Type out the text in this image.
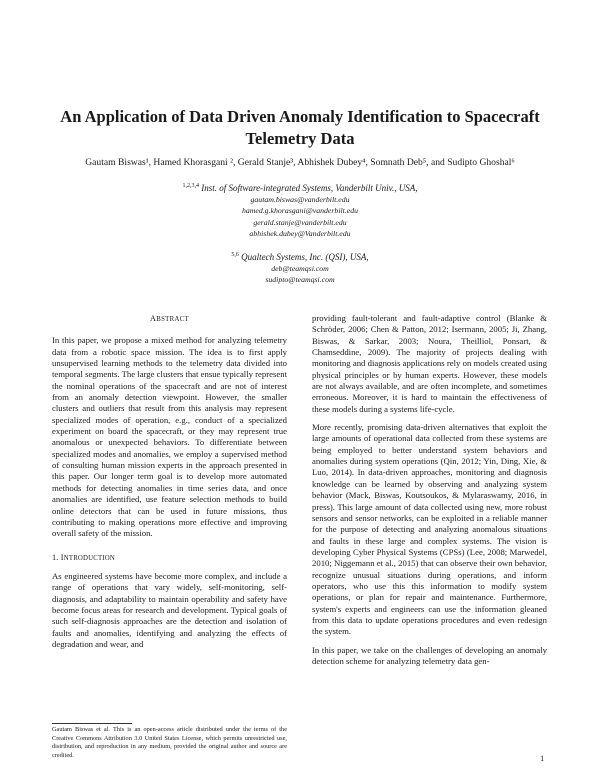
An Application of Data Driven Anomaly Identification to Spacecraft Telemetry Data
Gautam Biswas¹, Hamed Khorasgani ², Gerald Stanje³, Abhishek Dubey⁴, Somnath Deb⁵, and Sudipto Ghoshal⁶
$^{1,2,3,4}$ Inst. of Software-integrated Systems, Vanderbilt Univ., USA,
gautam.biswas@vanderbilt.edu
hamed.g.khorasgani@vanderbilt.edu
gerald.stanje@vanderbilt.edu
abhishek.dubey@Vanderbilt.edu
$^{5,6}$ Qualtech Systems, Inc. (QSI), USA,
deb@teamqsi.com
sudipto@teamqsi.com
ABSTRACT

In this paper, we propose a mixed method for analyzing telemetry data from a robotic space mission. The idea is to first apply unsupervised learning methods to the telemetry data divided into temporal segments. The large clusters that ensue typically represent the nominal operations of the spacecraft and are not of interest from an anomaly detection viewpoint. However, the smaller clusters and outliers that result from this analysis may represent specialized modes of operation, e.g., conduct of a specialized experiment on board the spacecraft, or they may represent true anomalous or unexpected behaviors. To differentiate between specialized modes and anomalies, we employ a supervised method of consulting human mission experts in the approach presented in this paper. Our longer term goal is to develop more automated methods for detecting anomalies in time series data, and once anomalies are identified, use feature selection methods to build online detectors that can be used in future missions, thus contributing to making operations more effective and improving overall safety of the mission.

1. INTRODUCTION

As engineered systems have become more complex, and include a range of operations that vary widely, self-monitoring, self-diagnosis, and adaptability to maintain operability and safety have become focus areas for research and development. Typical goals of such self-diagnosis approaches are the detection and isolation of faults and anomalies, identifying and analyzing the effects of degradation and wear, and

providing fault-tolerant and fault-adaptive control (Blanke & Schröder, 2006; Chen & Patton, 2012; Isermann, 2005; Ji, Zhang, Biswas, & Sarkar, 2003; Noura, Theilliol, Ponsart, & Chamseddine, 2009). The majority of projects dealing with monitoring and diagnosis applications rely on models created using physical principles or by human experts. However, these models are not always available, and are often incomplete, and sometimes erroneous. Moreover, it is hard to maintain the effectiveness of these models during a systems life-cycle.

More recently, promising data-driven alternatives that exploit the large amounts of operational data collected from these systems are being employed to better understand system behaviors and anomalies during system operations (Qin, 2012; Yin, Ding, Xie, & Luo, 2014). In data-driven approaches, monitoring and diagnosis knowledge can be learned by observing and analyzing system behavior (Mack, Biswas, Koutsoukos, & Mylaraswamy, 2016, in press). This large amount of data collected using new, more robust sensors and sensor networks, can be exploited in a reliable manner for the purpose of detecting and analyzing anomalous situations and faults in these large and complex systems. The vision is developing Cyber Physical Systems (CPSs) (Lee, 2008; Marwedel, 2010; Niggemann et al., 2015) that can observe their own behavior, recognize unusual situations during operations, and inform operators, who use this this information to modify system operations, or plan for repair and maintenance. Furthermore, system's experts and engineers can use the information gleaned from this data to update operations procedures and even redesign the system.

In this paper, we take on the challenges of developing an anomaly detection scheme for analyzing telemetry data gen-

Gautam Biswas et al. This is an open-access article distributed under the terms of the Creative Commons Attribution 3.0 United States License, which permits unrestricted use, distribution, and reproduction in any medium, provided the original author and source are credited.	1
